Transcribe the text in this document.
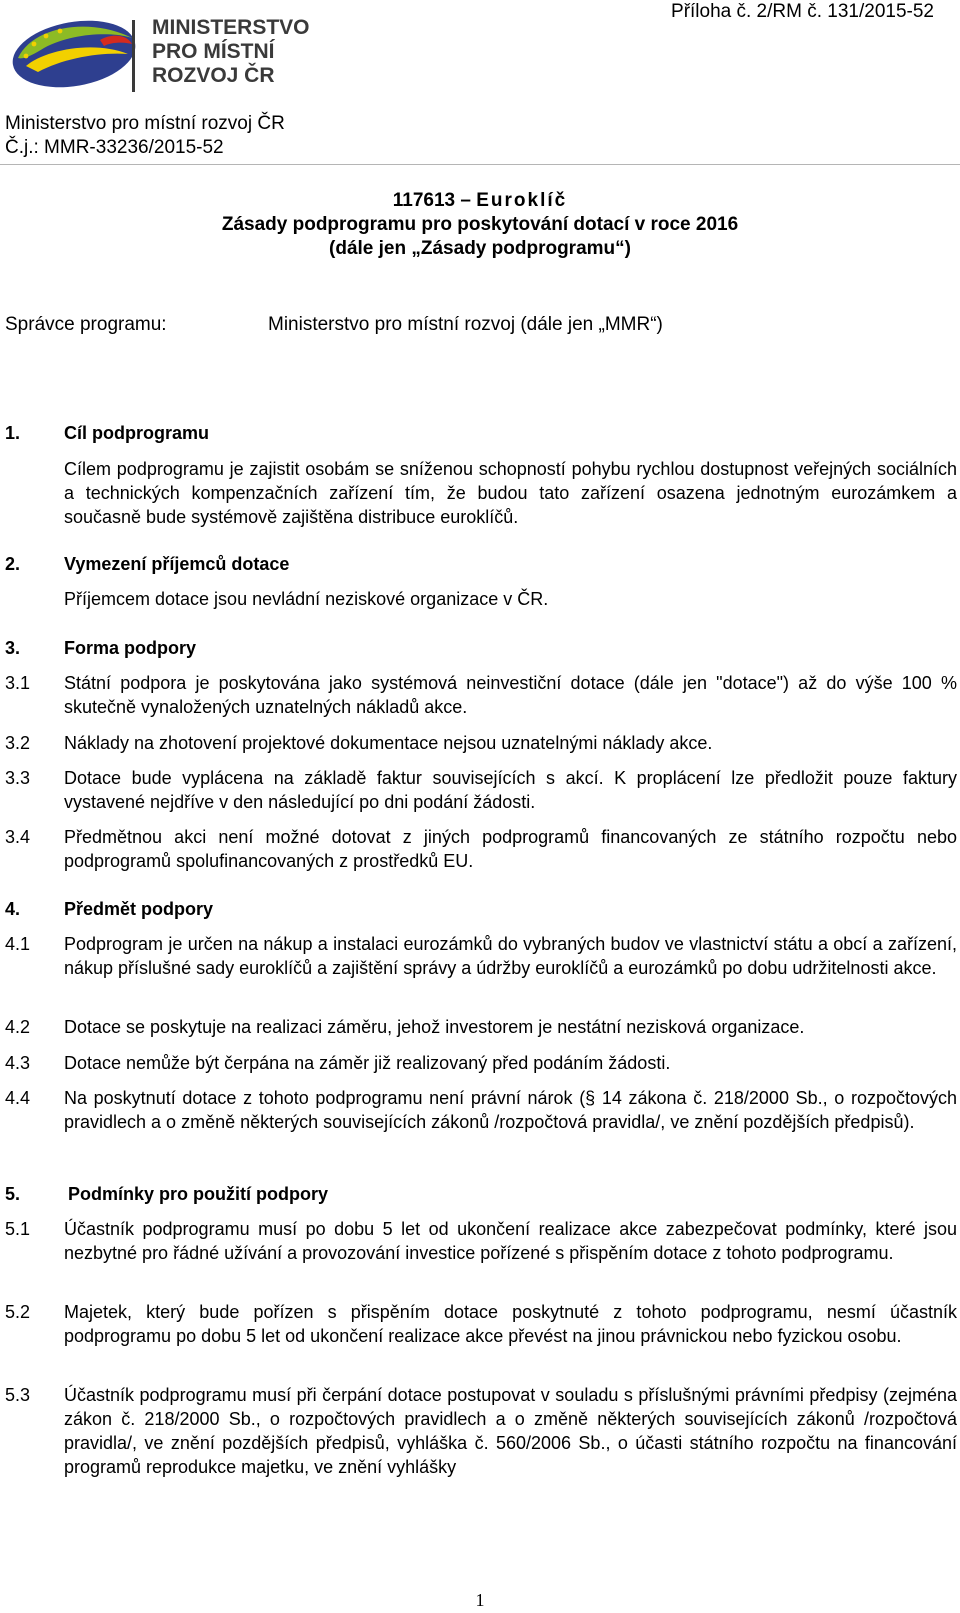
MINISTERSTVO
PRO MÍSTNÍ
ROZVOJ ČR
Příloha č. 2/RM č. 131/2015-52
Ministerstvo pro místní rozvoj ČR
Č.j.: MMR-33236/2015-52
117613 – Euroklíč
Zásady podprogramu pro poskytování dotací v roce 2016
(dále jen „Zásady podprogramu“)
Správce programu:	Ministerstvo pro místní rozvoj (dále jen „MMR“)
1.	Cíl podprogramu
Cílem podprogramu je zajistit osobám se sníženou schopností pohybu rychlou dostupnost veřejných sociálních a technických kompenzačních zařízení tím, že budou tato zařízení osazena jednotným eurozámkem a současně bude systémově zajištěna distribuce euroklíčů.
2.	Vymezení příjemců dotace
Příjemcem dotace jsou nevládní neziskové organizace v ČR.
3.	Forma podpory
3.1	Státní podpora je poskytována jako systémová neinvestiční dotace (dále jen "dotace") až do výše 100 % skutečně vynaložených uznatelných nákladů akce.
3.2	Náklady na zhotovení projektové dokumentace nejsou uznatelnými náklady akce.
3.3	Dotace bude vyplácena na základě faktur souvisejících s akcí. K proplácení lze předložit pouze faktury vystavené nejdříve v den následující po dni podání žádosti.
3.4	Předmětnou akci není možné dotovat z jiných podprogramů financovaných ze státního rozpočtu nebo podprogramů spolufinancovaných z prostředků EU.
4.	Předmět podpory
4.1	Podprogram je určen na nákup a instalaci eurozámků do vybraných budov ve vlastnictví státu a obcí a zařízení, nákup příslušné sady euroklíčů a zajištění správy a údržby euroklíčů a eurozámků po dobu udržitelnosti akce.
4.2	Dotace se poskytuje na realizaci záměru, jehož investorem je nestátní nezisková organizace.
4.3	Dotace nemůže být čerpána na záměr již realizovaný před podáním žádosti.
4.4	Na poskytnutí dotace z tohoto podprogramu není právní nárok (§ 14 zákona č. 218/2000 Sb., o rozpočtových pravidlech a o změně některých souvisejících zákonů /rozpočtová pravidla/, ve znění pozdějších předpisů).
5.	Podmínky pro použití podpory
5.1	Účastník podprogramu musí po dobu 5 let od ukončení realizace akce zabezpečovat podmínky, které jsou nezbytné pro řádné užívání a provozování investice pořízené s přispěním dotace z tohoto podprogramu.
5.2	Majetek, který bude pořízen s přispěním dotace poskytnuté z tohoto podprogramu, nesmí účastník podprogramu po dobu 5 let od ukončení realizace akce převést na jinou právnickou nebo fyzickou osobu.
5.3	Účastník podprogramu musí při čerpání dotace postupovat v souladu s příslušnými právními předpisy (zejména zákon č. 218/2000 Sb., o rozpočtových pravidlech a o změně některých souvisejících zákonů /rozpočtová pravidla/, ve znění pozdějších předpisů, vyhláška č. 560/2006 Sb., o účasti státního rozpočtu na financování programů reprodukce majetku, ve znění vyhlášky
1
